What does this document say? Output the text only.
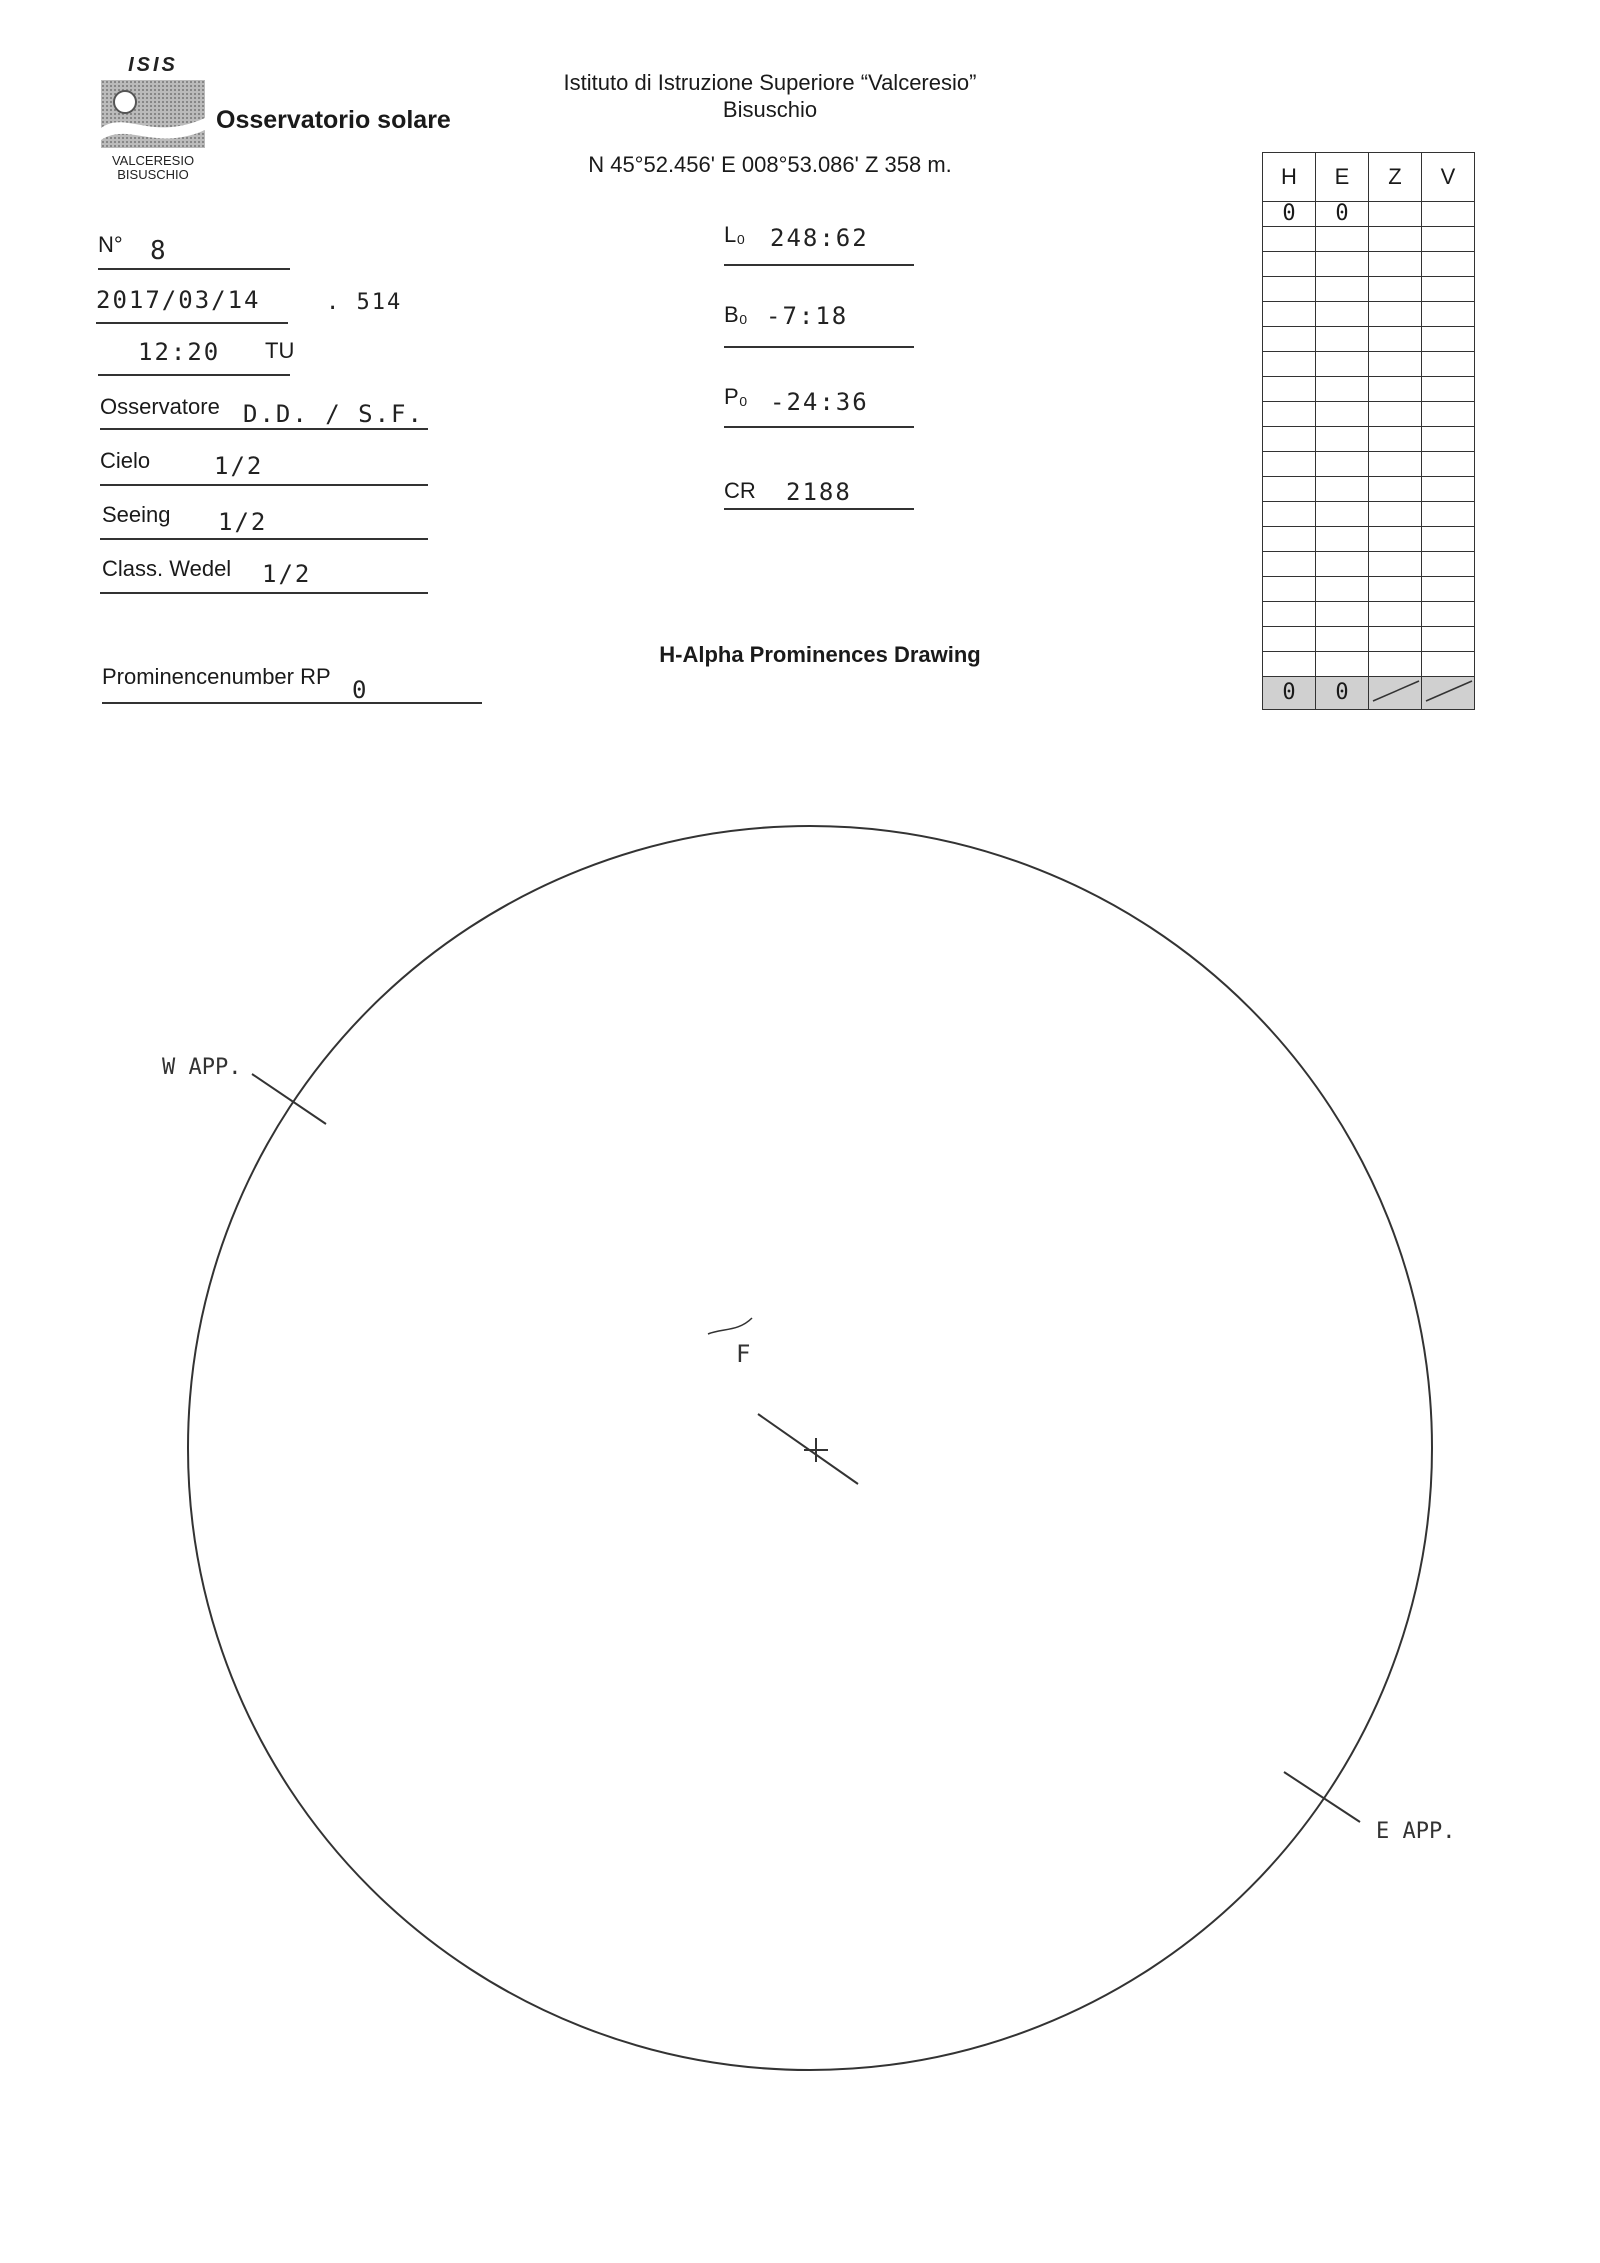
ISIS
VALCERESIO
BISUSCHIO
Osservatorio solare
Istituto di Istruzione Superiore “Valceresio”
Bisuschio
N 45°52.456' E 008°53.086' Z 358 m.
N° 8
2017/03/14	. 514
12:20 TU
Osservatore D.D. / S.F.
Cielo	1/2
Seeing 1/2
Class. Wedel 1/2
Prominencenumber RP 0
L₀ 248:62
B₀ -7:18
P₀ -24:36
CR 2188
H-Alpha Prominences Drawing
H	E	Z	V
0	0		

0	0		
F
W APP.
E APP.
